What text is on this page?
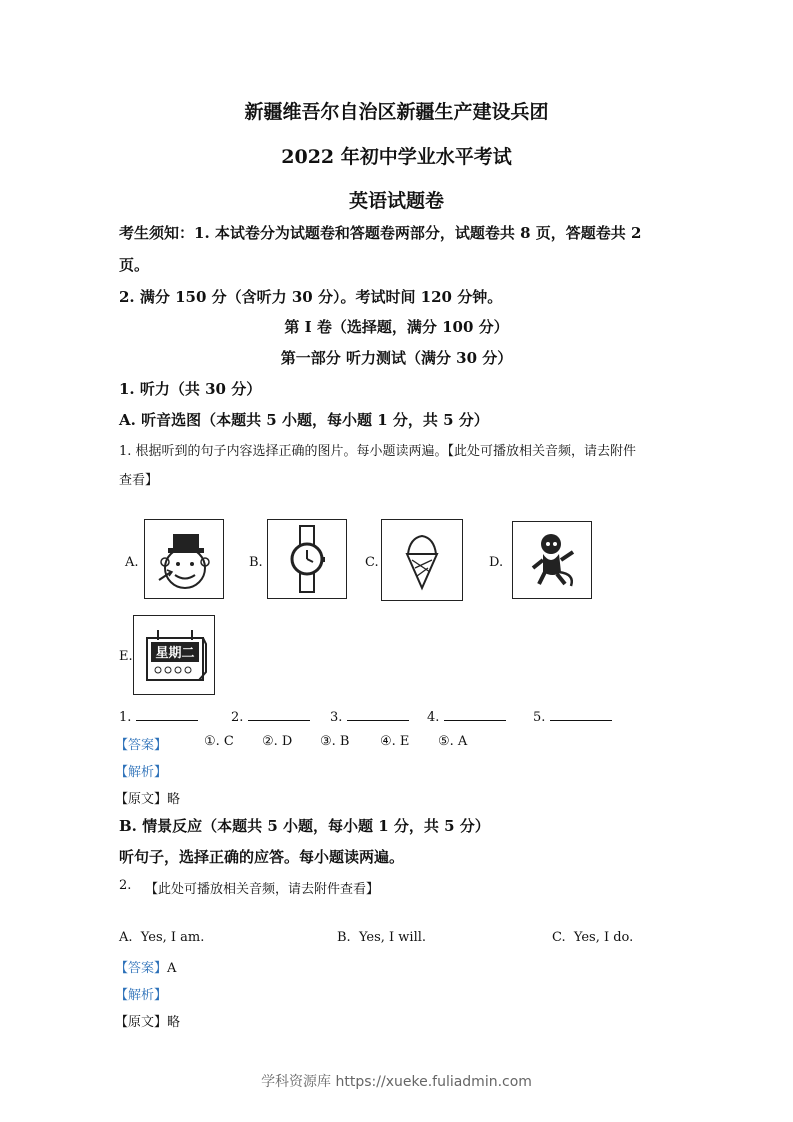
新疆维吾尔自治区新疆生产建设兵团
2022 年初中学业水平考试
英语试题卷
考生须知：1. 本试卷分为试题卷和答题卷两部分，试题卷共 8 页，答题卷共 2
页。
2. 满分 150 分（含听力 30 分）。考试时间 120 分钟。
第 I 卷（选择题，满分 100 分）
第一部分 听力测试（满分 30 分）
1. 听力（共 30 分）
A. 听音选图（本题共 5 小题，每小题 1 分，共 5 分）
1. 根据听到的句子内容选择正确的图片。每小题读两遍。【此处可播放相关音频，请去附件
查看】
A.	B.	C.	D.
E. 星期二
1.	2.	3.	4.	5.
【答案】	①. C ②. D ③. B ④. E ⑤. A
【解析】
【原文】略
B. 情景反应（本题共 5 小题，每小题 1 分，共 5 分）
听句子，选择正确的应答。每小题读两遍。
2. 【此处可播放相关音频，请去附件查看】
A. Yes, I am.	B. Yes, I will.	C. Yes, I do.
【答案】A
【解析】
【原文】略
学科资源库 https://xueke.fuliadmin.com
